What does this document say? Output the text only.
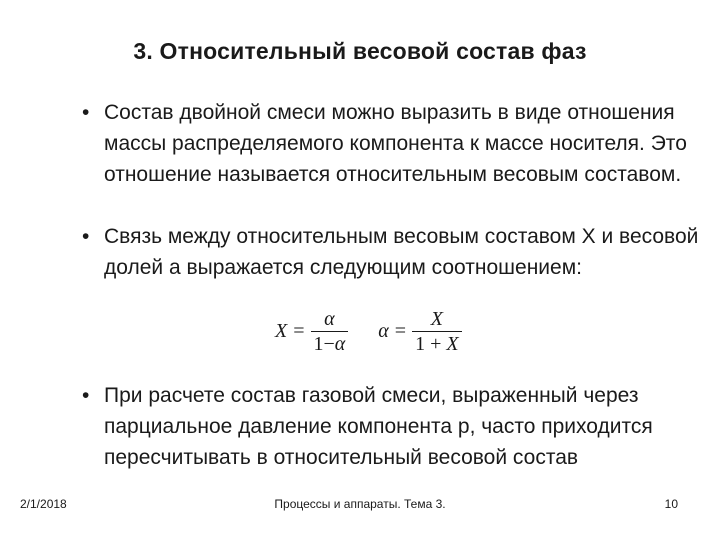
3. Относительный весовой состав фаз
• Состав двойной смеси можно выразить в виде отношения массы распределяемого компонента к массе носителя. Это отношение называется относительным весовым составом.
• Связь между относительным весовым составом X и весовой долей а выражается следующим соотношением:
$X = \frac{\alpha}{1-\alpha}$ $\alpha = \frac{X}{1 + X}$
• При расчете состав газовой смеси, выраженный через парциальное давление компонента р, часто приходится пересчитывать в относительный весовой состав
2/1/2018	Процессы и аппараты. Тема 3.	10
